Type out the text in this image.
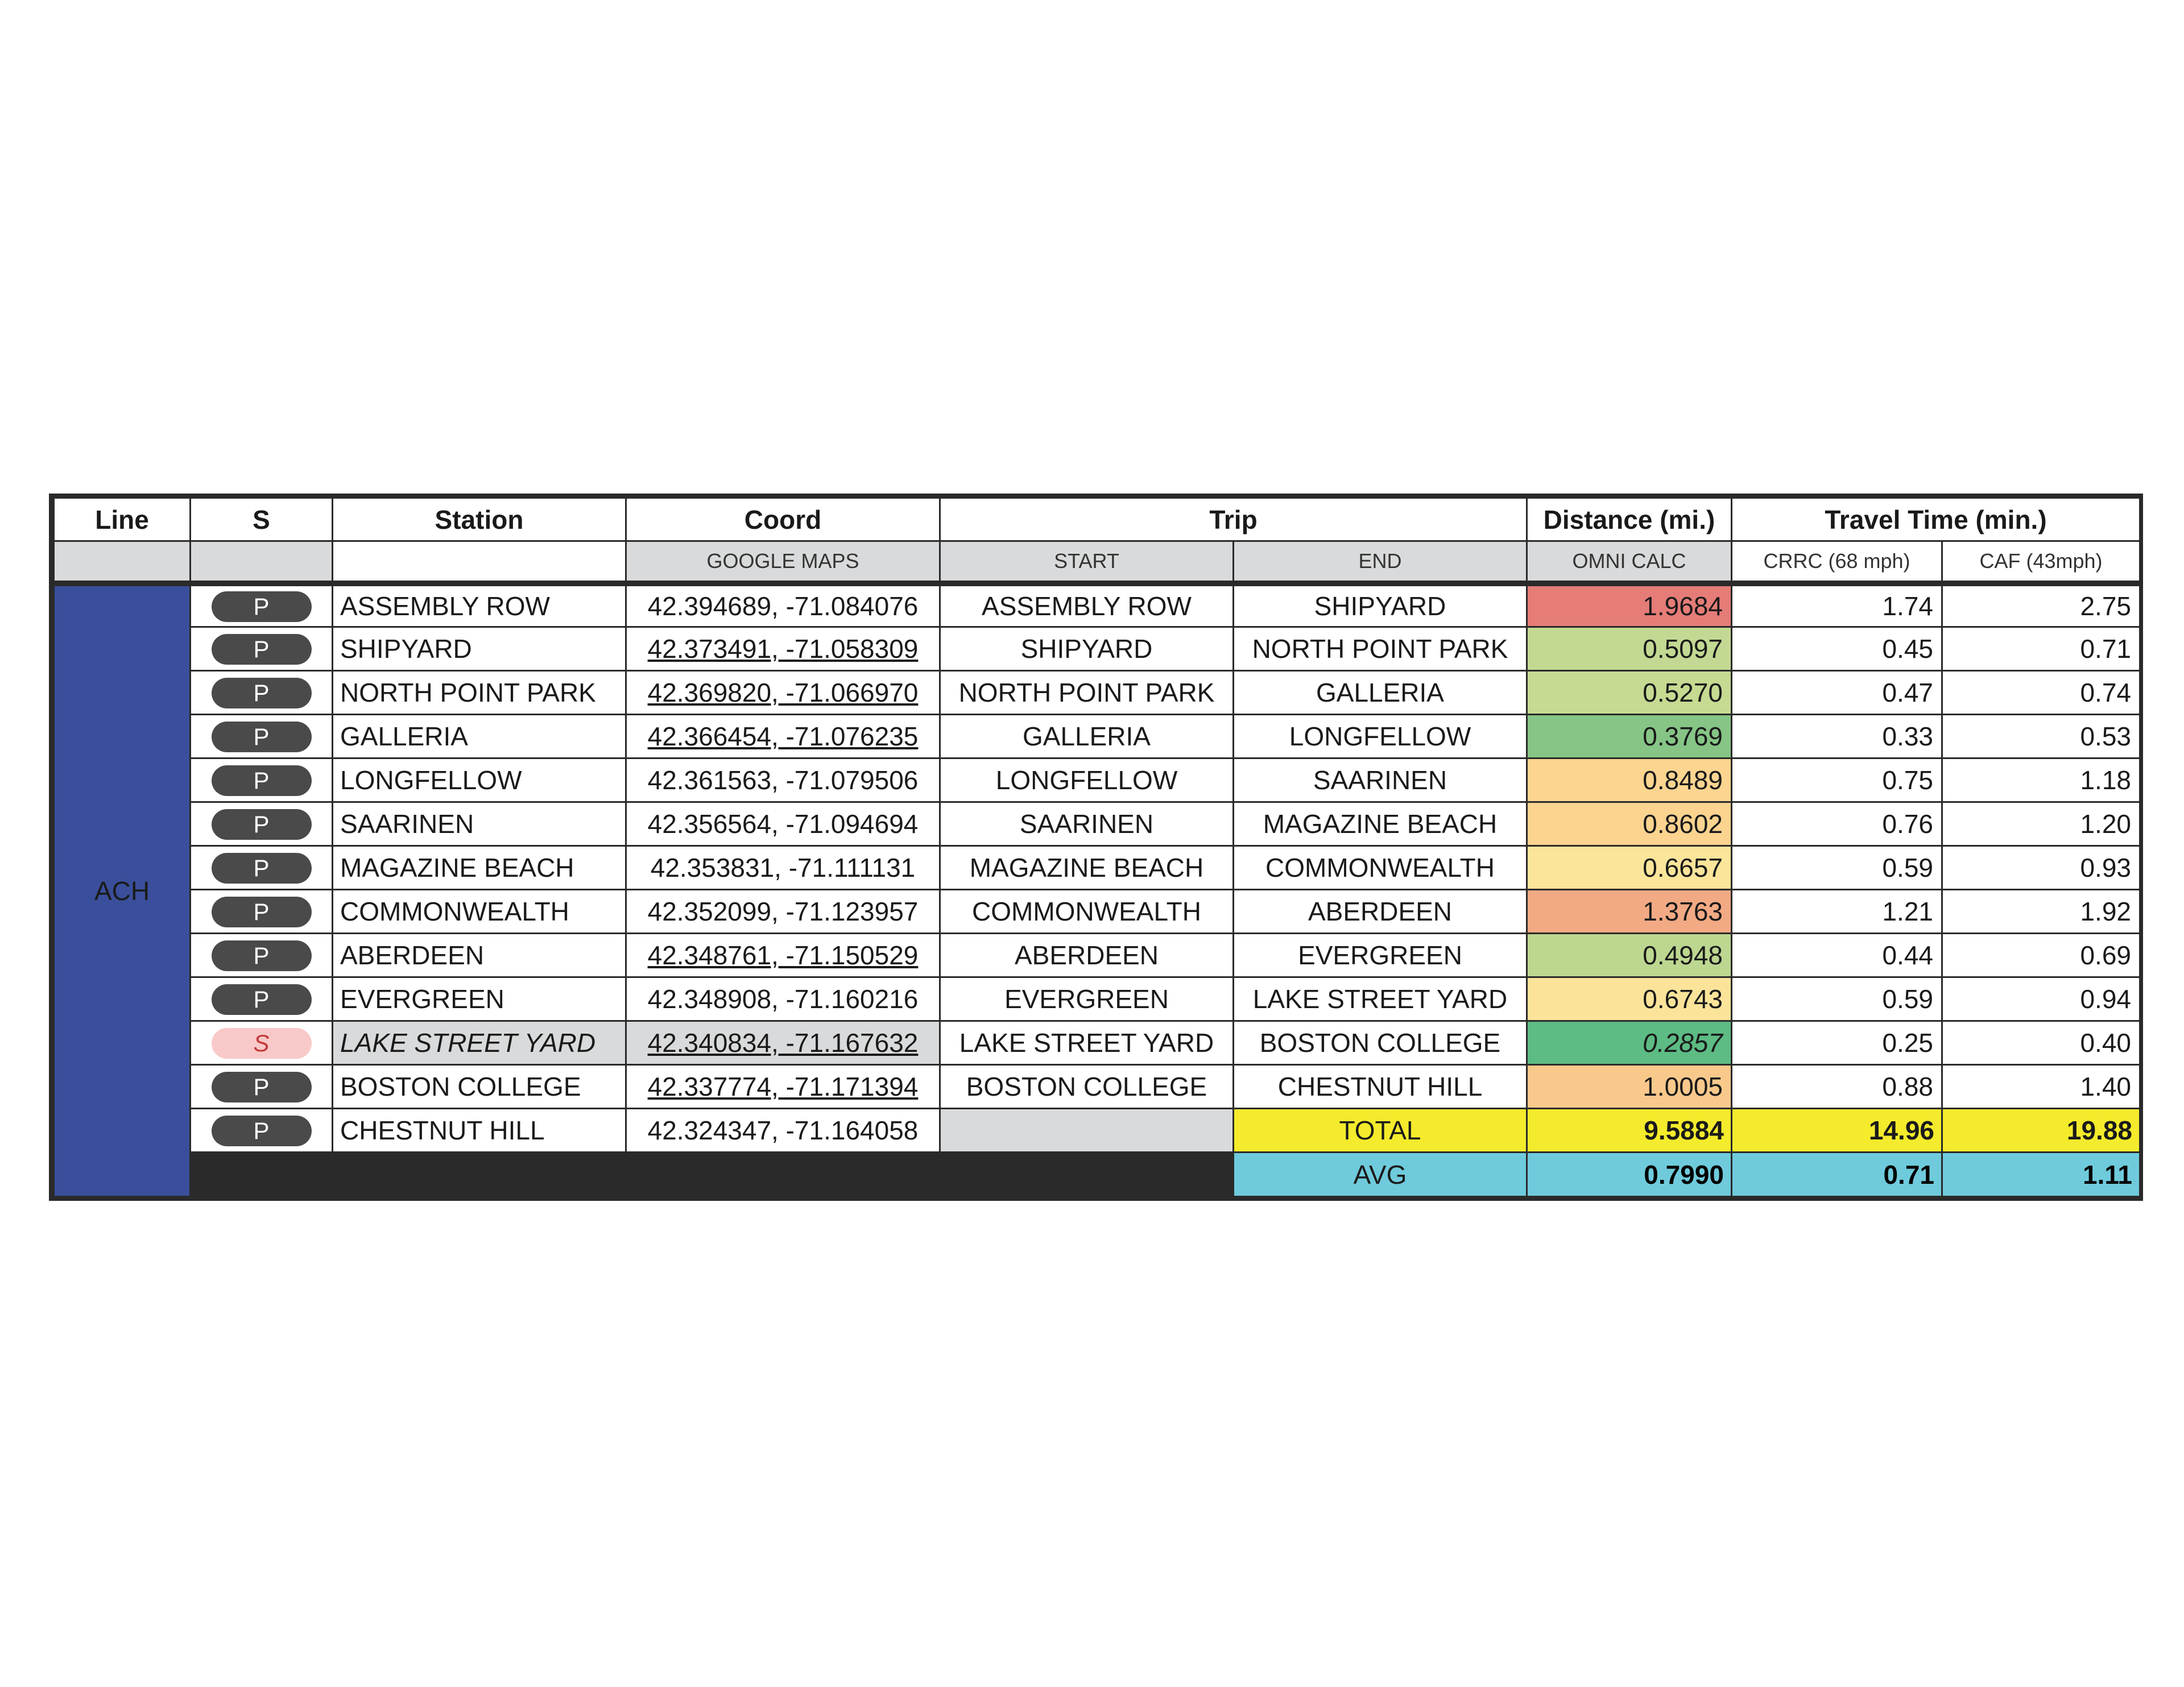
Line	S	Station	Coord	Trip		Distance (mi.)	Travel Time (min.)	
			GOOGLE MAPS	START	END	OMNI CALC	CRRC (68 mph)	CAF (43mph)
ACH	P	ASSEMBLY ROW	42.394689, -71.084076	ASSEMBLY ROW	SHIPYARD	1.9684	1.74	2.75
	P	SHIPYARD	42.373491, -71.058309	SHIPYARD	NORTH POINT PARK	0.5097	0.45	0.71
	P	NORTH POINT PARK	42.369820, -71.066970	NORTH POINT PARK	GALLERIA	0.5270	0.47	0.74
	P	GALLERIA	42.366454, -71.076235	GALLERIA	LONGFELLOW	0.3769	0.33	0.53
	P	LONGFELLOW	42.361563, -71.079506	LONGFELLOW	SAARINEN	0.8489	0.75	1.18
	P	SAARINEN	42.356564, -71.094694	SAARINEN	MAGAZINE BEACH	0.8602	0.76	1.20
	P	MAGAZINE BEACH	42.353831, -71.111131	MAGAZINE BEACH	COMMONWEALTH	0.6657	0.59	0.93
	P	COMMONWEALTH	42.352099, -71.123957	COMMONWEALTH	ABERDEEN	1.3763	1.21	1.92
	P	ABERDEEN	42.348761, -71.150529	ABERDEEN	EVERGREEN	0.4948	0.44	0.69
	P	EVERGREEN	42.348908, -71.160216	EVERGREEN	LAKE STREET YARD	0.6743	0.59	0.94
	S	LAKE STREET YARD	42.340834, -71.167632	LAKE STREET YARD	BOSTON COLLEGE	0.2857	0.25	0.40
	P	BOSTON COLLEGE	42.337774, -71.171394	BOSTON COLLEGE	CHESTNUT HILL	1.0005	0.88	1.40
	P	CHESTNUT HILL	42.324347, -71.164058		TOTAL	9.5884	14.96	19.88
					AVG	0.7990	0.71	1.11
